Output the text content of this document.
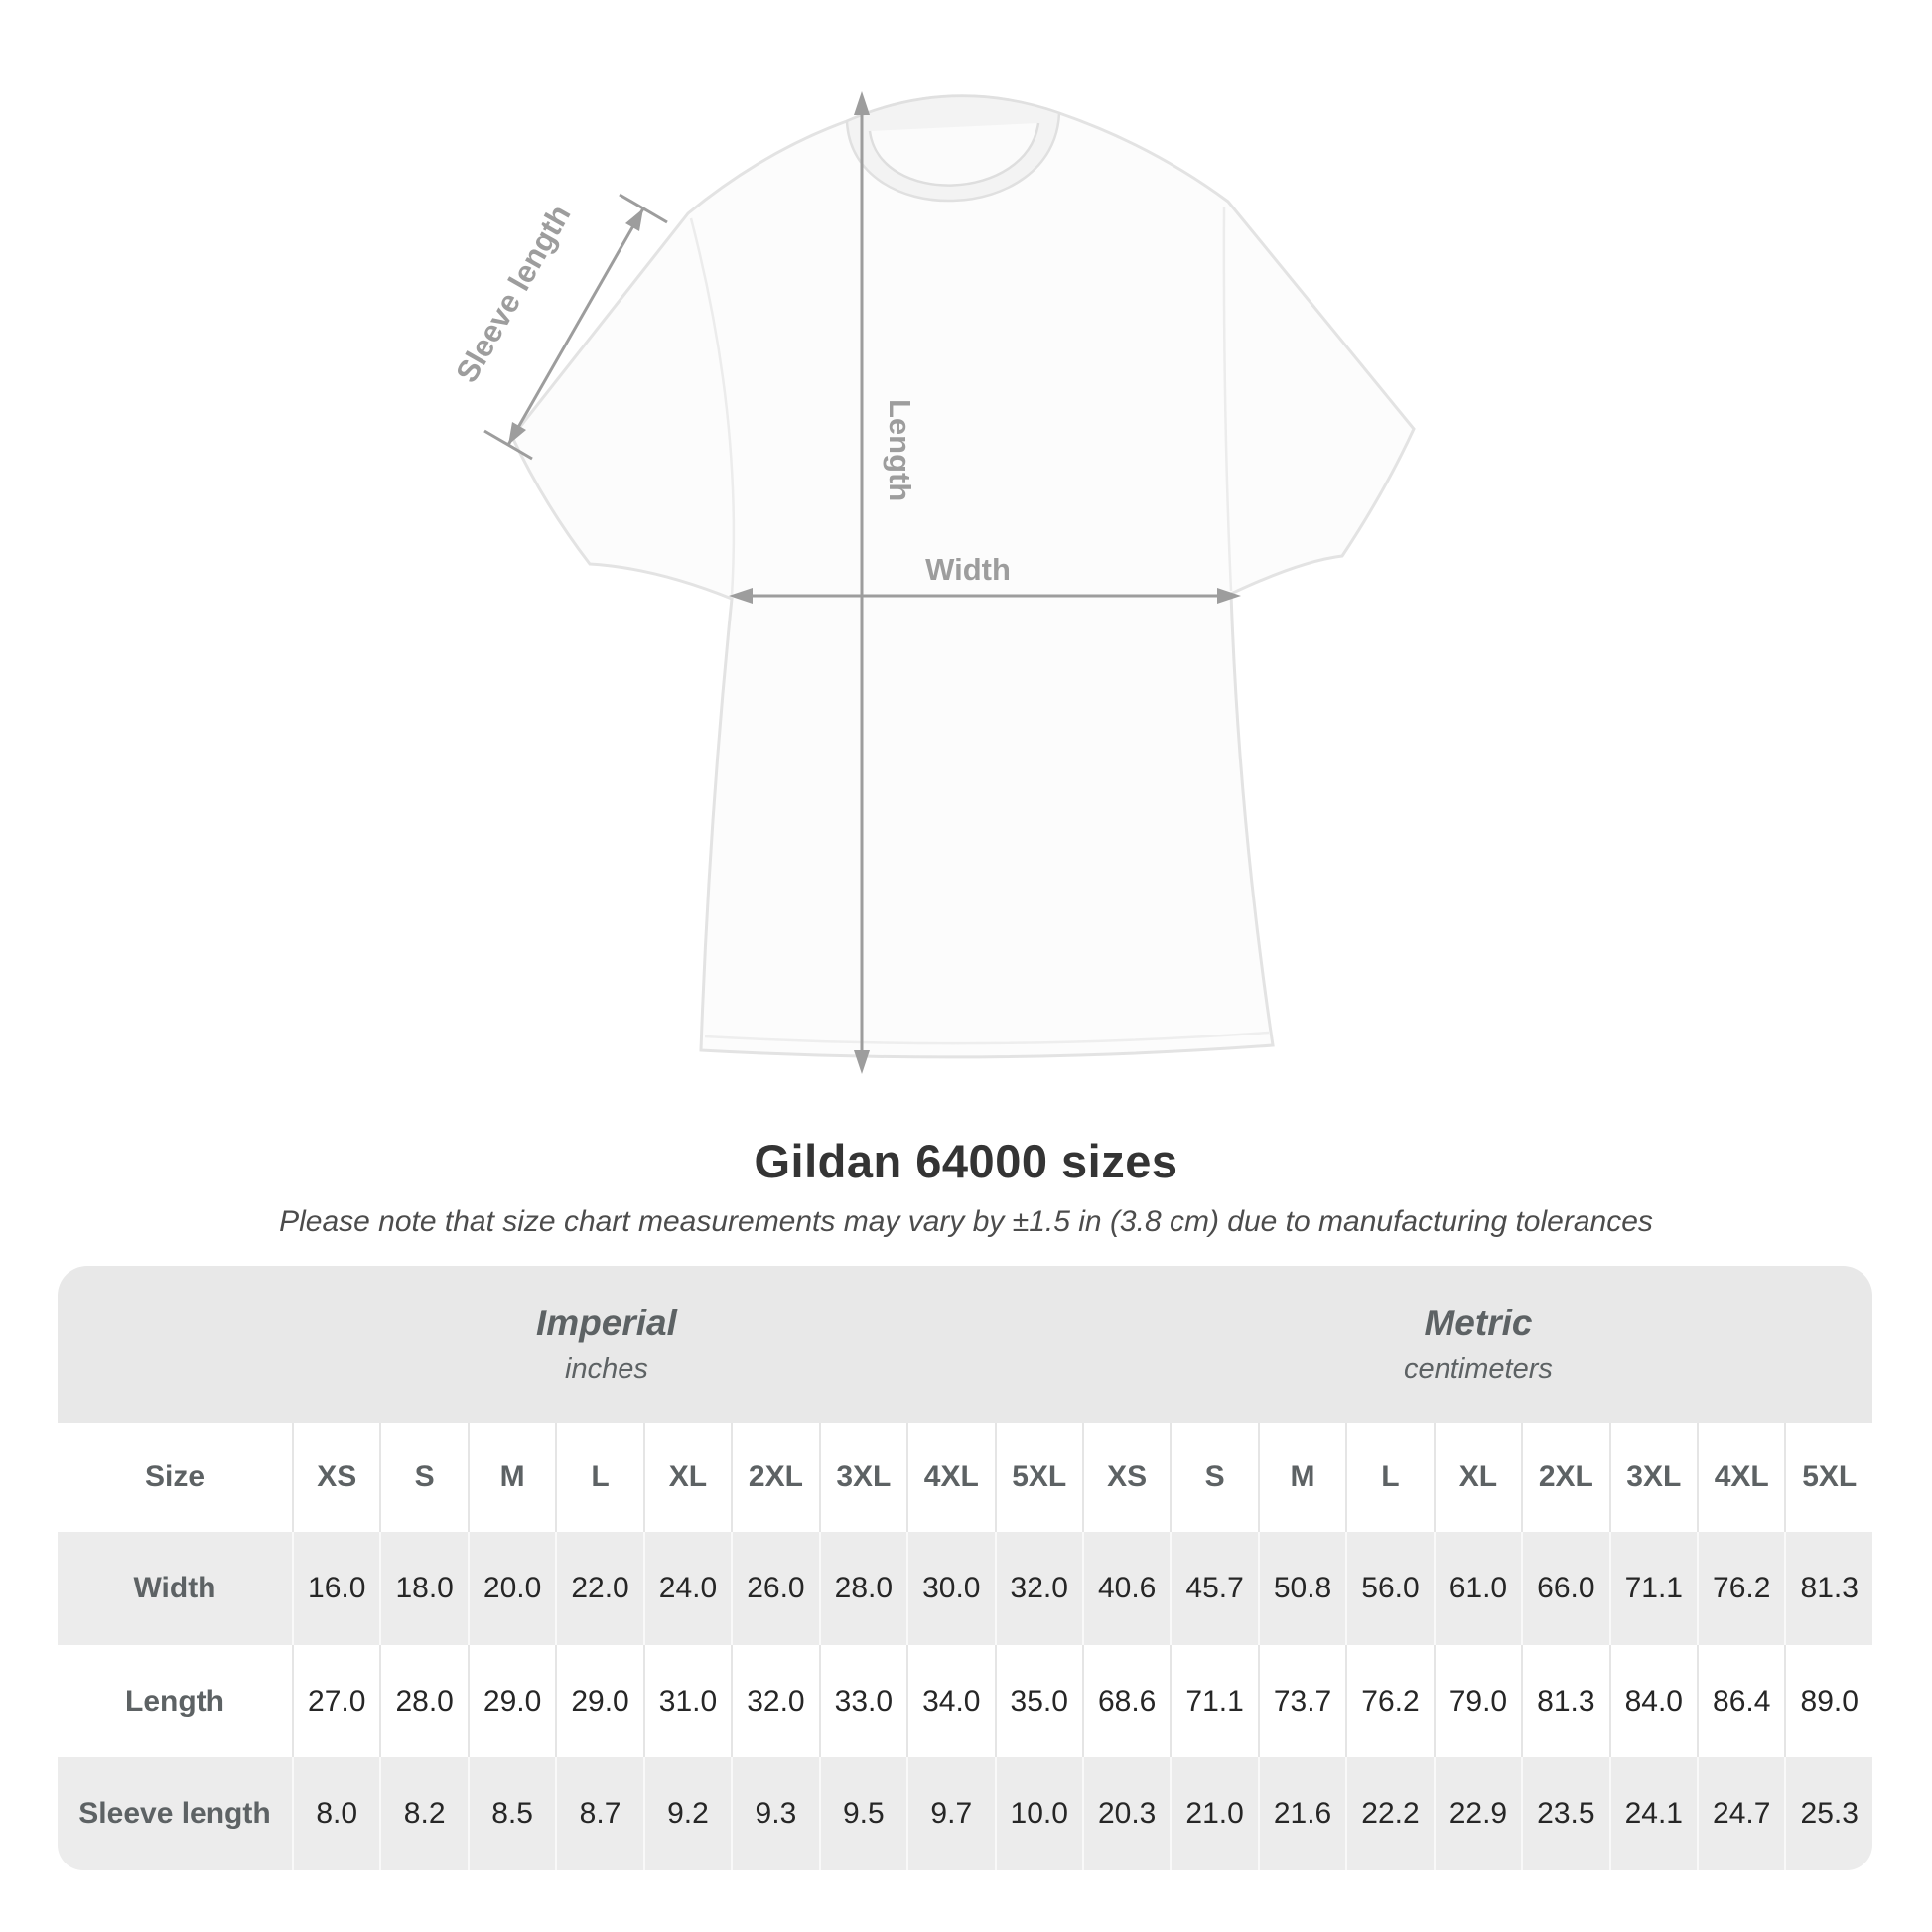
Length
Width
Sleeve length
Gildan 64000 sizes
Please note that size chart measurements may vary by ±1.5 in (3.8 cm) due to manufacturing tolerances
Imperial
inches

Metric
centimeters

Size	XS	S	M	L	XL	2XL	3XL	4XL	5XL	XS	S	M	L	XL	2XL	3XL	4XL	5XL
Width	16.0	18.0	20.0	22.0	24.0	26.0	28.0	30.0	32.0	40.6	45.7	50.8	56.0	61.0	66.0	71.1	76.2	81.3
Length	27.0	28.0	29.0	29.0	31.0	32.0	33.0	34.0	35.0	68.6	71.1	73.7	76.2	79.0	81.3	84.0	86.4	89.0
Sleeve length	8.0	8.2	8.5	8.7	9.2	9.3	9.5	9.7	10.0	20.3	21.0	21.6	22.2	22.9	23.5	24.1	24.7	25.3
